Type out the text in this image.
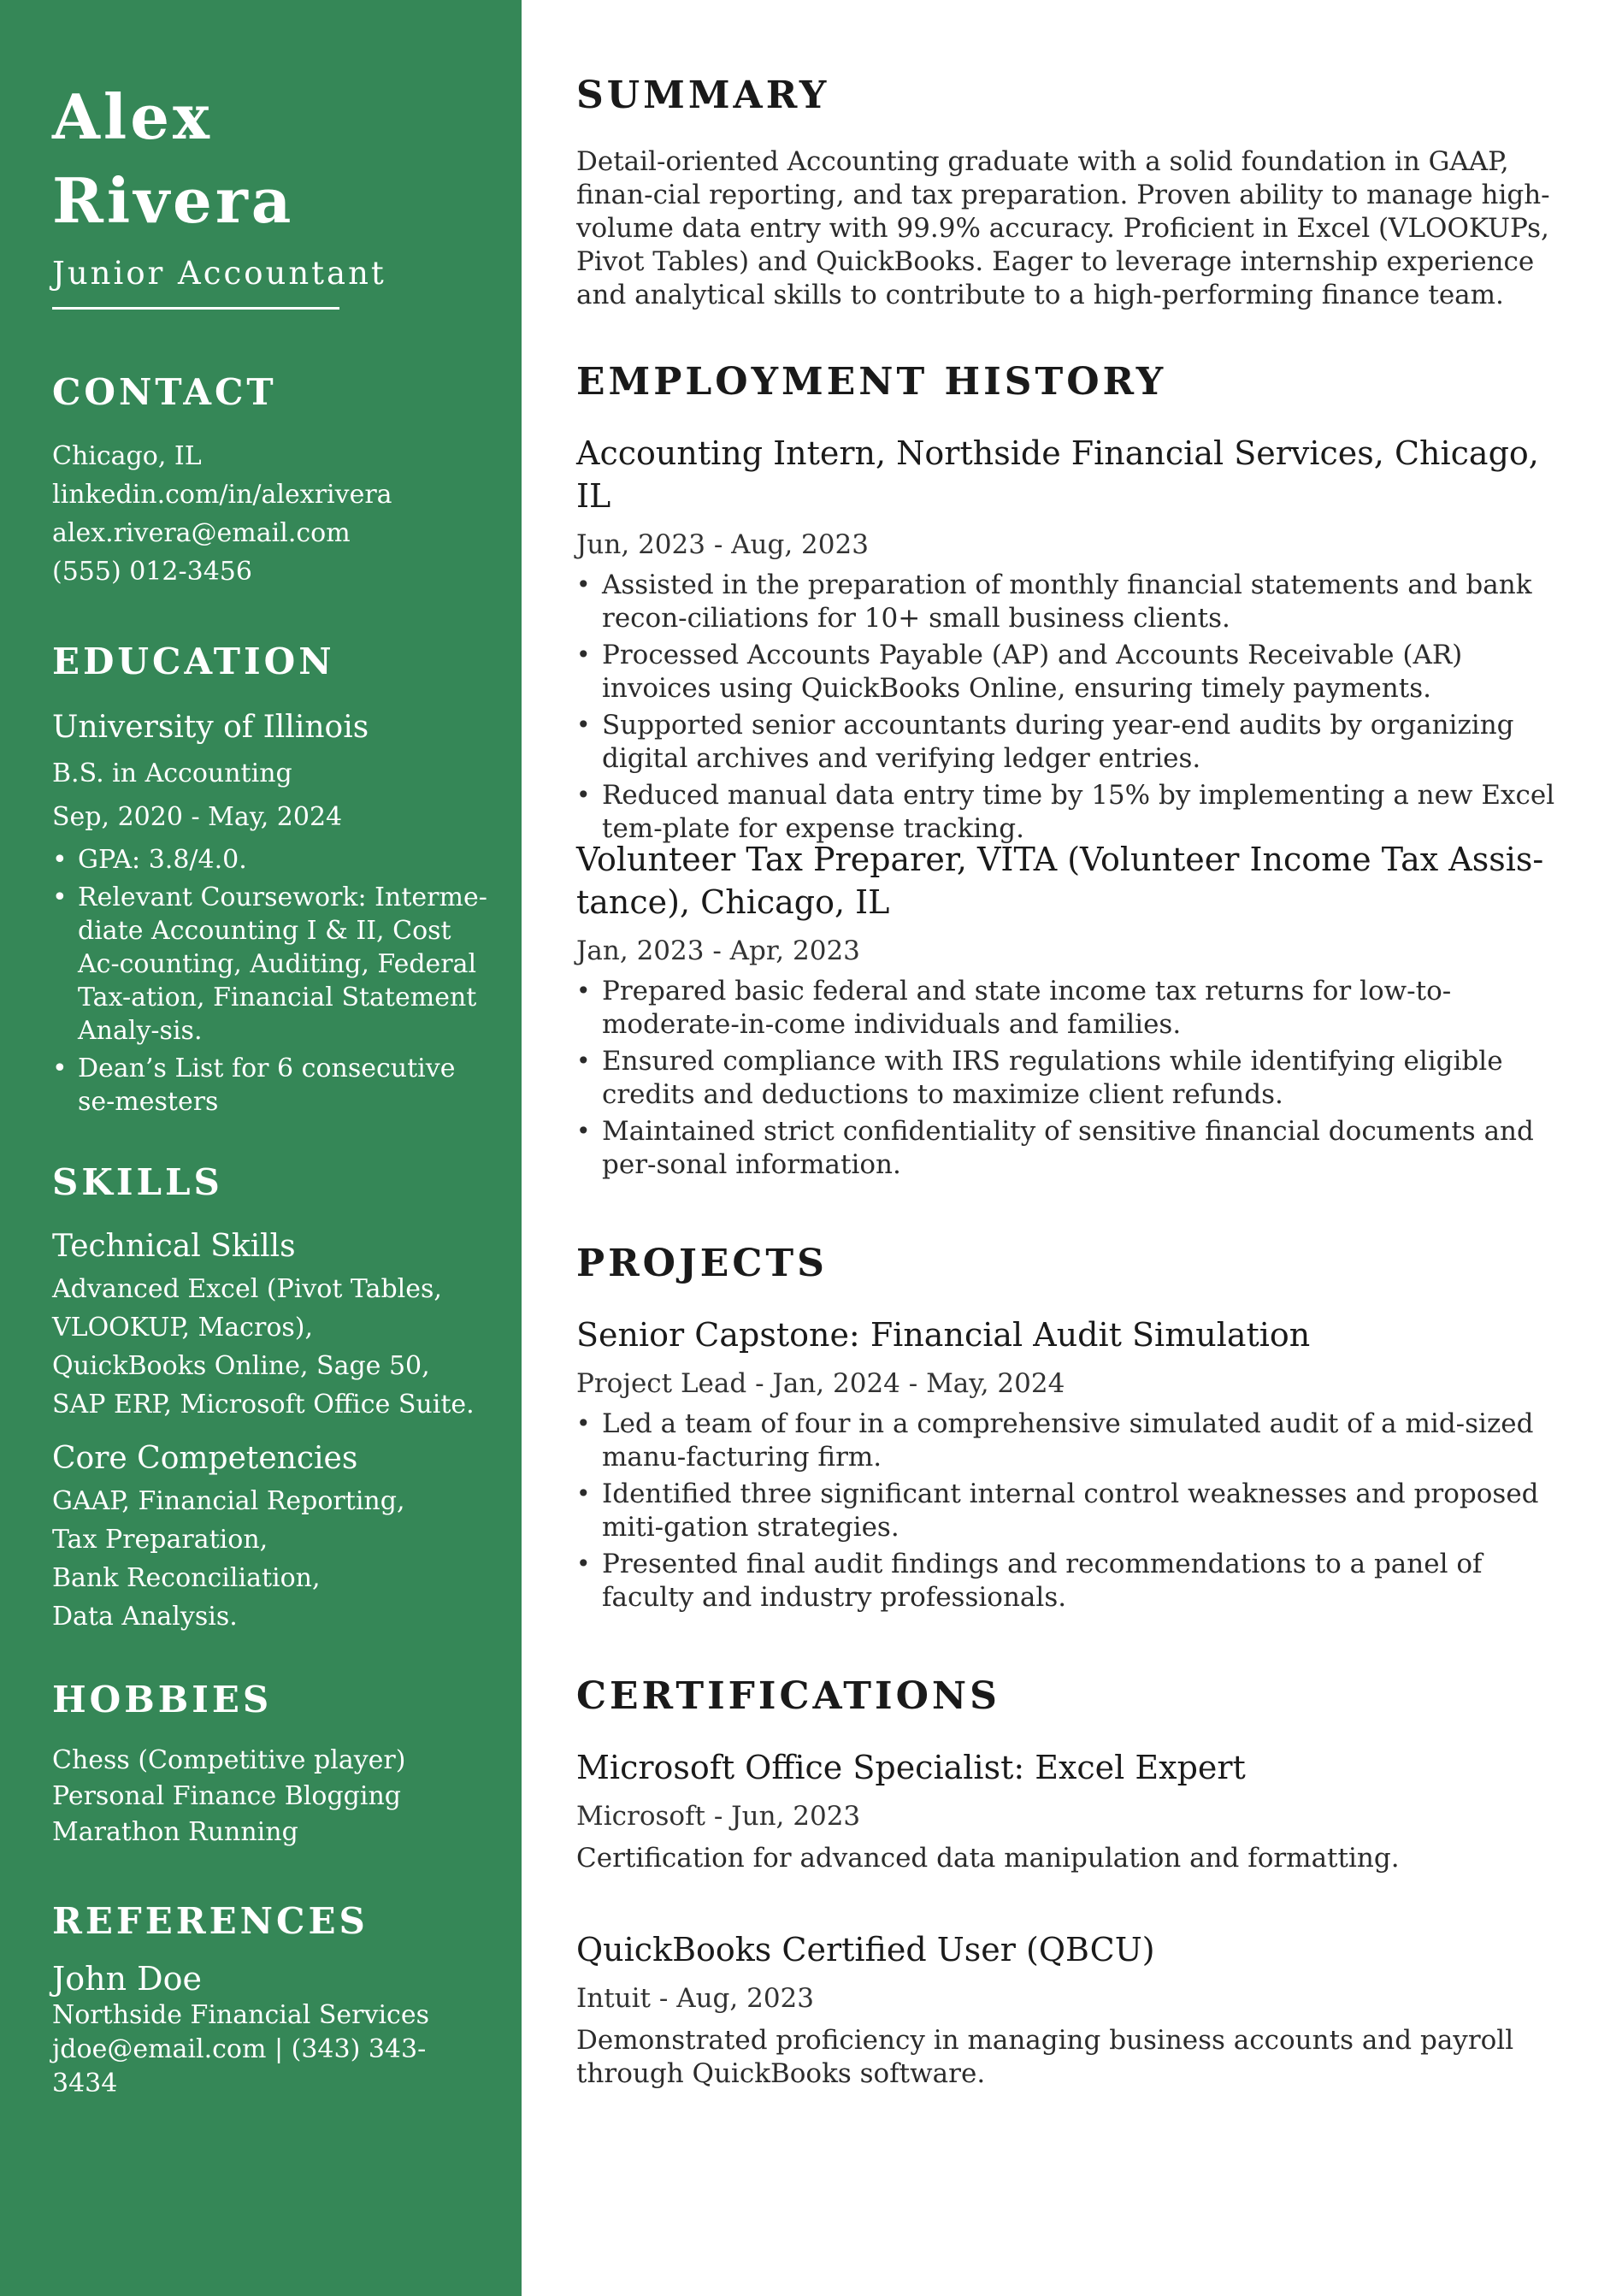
Alex
Rivera
Junior Accountant
CONTACT
Chicago, IL
linkedin.com/in/alexrivera
alex.rivera@email.com
(555) 012-3456
EDUCATION
University of Illinois
B.S. in Accounting
Sep, 2020 - May, 2024
• GPA: 3.8/4.0.
• Relevant Coursework: Interme-diate Accounting I & II, Cost Ac-counting, Auditing, Federal Tax-ation, Financial Statement Analy-sis.
• Dean’s List for 6 consecutive se-mesters
SKILLS
Technical Skills
Advanced Excel (Pivot Tables,
VLOOKUP, Macros),
QuickBooks Online, Sage 50,
SAP ERP, Microsoft Office Suite.
Core Competencies
GAAP, Financial Reporting,
Tax Preparation,
Bank Reconciliation,
Data Analysis.
HOBBIES
Chess (Competitive player)
Personal Finance Blogging
Marathon Running
REFERENCES
John Doe
Northside Financial Services
jdoe@email.com | (343) 343-3434
SUMMARY
Detail-oriented Accounting graduate with a solid foundation in GAAP, finan-cial reporting, and tax preparation. Proven ability to manage high-volume data entry with 99.9% accuracy. Proficient in Excel (VLOOKUPs, Pivot Tables) and QuickBooks. Eager to leverage internship experience and analytical skills to contribute to a high-performing finance team.
EMPLOYMENT HISTORY
Accounting Intern, Northside Financial Services, Chicago, IL
Jun, 2023 - Aug, 2023
• Assisted in the preparation of monthly financial statements and bank recon-ciliations for 10+ small business clients.
• Processed Accounts Payable (AP) and Accounts Receivable (AR) invoices using QuickBooks Online, ensuring timely payments.
• Supported senior accountants during year-end audits by organizing digital archives and verifying ledger entries.
• Reduced manual data entry time by 15% by implementing a new Excel tem-plate for expense tracking.
Volunteer Tax Preparer, VITA (Volunteer Income Tax Assis-tance), Chicago, IL
Jan, 2023 - Apr, 2023
• Prepared basic federal and state income tax returns for low-to-moderate-in-come individuals and families.
• Ensured compliance with IRS regulations while identifying eligible credits and deductions to maximize client refunds.
• Maintained strict confidentiality of sensitive financial documents and per-sonal information.
PROJECTS
Senior Capstone: Financial Audit Simulation
Project Lead - Jan, 2024 - May, 2024
• Led a team of four in a comprehensive simulated audit of a mid-sized manu-facturing firm.
• Identified three significant internal control weaknesses and proposed miti-gation strategies.
• Presented final audit findings and recommendations to a panel of faculty and industry professionals.
CERTIFICATIONS
Microsoft Office Specialist: Excel Expert
Microsoft - Jun, 2023
Certification for advanced data manipulation and formatting.
QuickBooks Certified User (QBCU)
Intuit - Aug, 2023
Demonstrated proficiency in managing business accounts and payroll through QuickBooks software.
